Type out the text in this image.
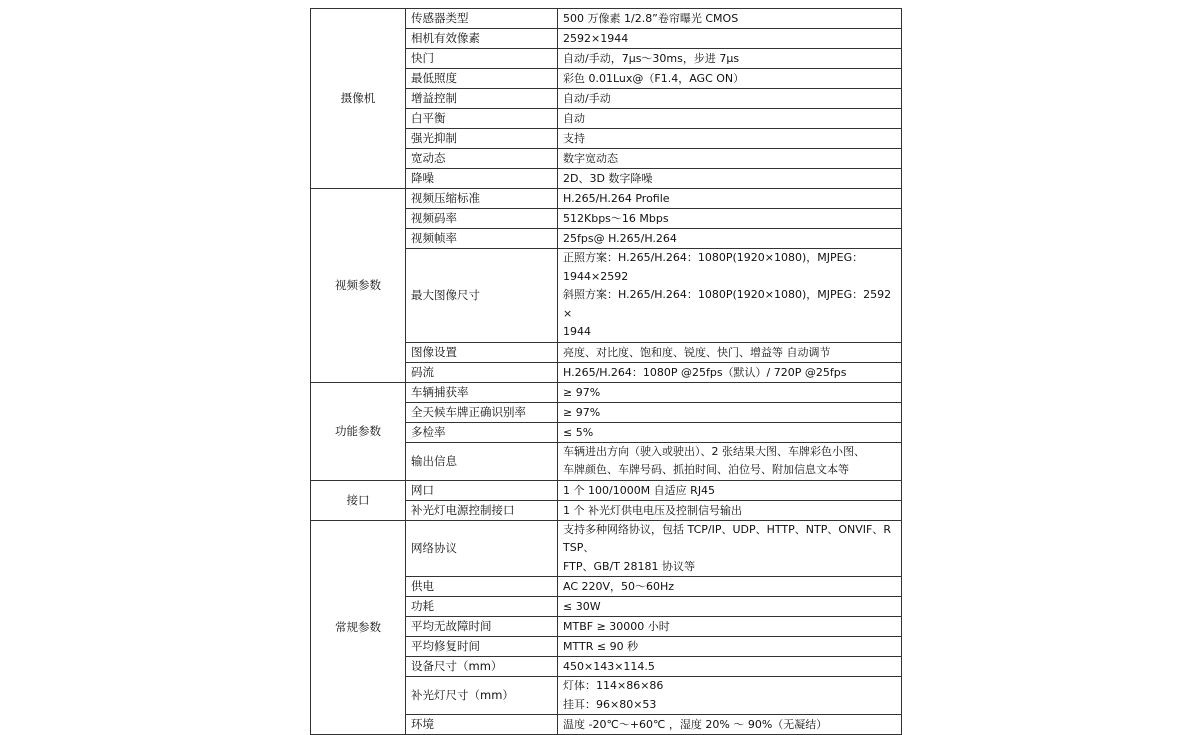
摄像机	传感器类型	500 万像素 1/2.8”卷帘曝光 CMOS

	相机有效像素	2592×1944

	快门	自动/手动，7μs～30ms，步进 7μs

	最低照度	彩色 0.01Lux@（F1.4，AGC ON）

	增益控制	自动/手动

	白平衡	自动

	强光抑制	支持

	宽动态	数字宽动态

	降噪	2D、3D 数字降噪

视频参数	视频压缩标准	H.265/H.264 Profile

	视频码率	512Kbps～16 Mbps

	视频帧率	25fps@ H.265/H.264

	最大图像尺寸	正照方案：H.265/H.264：1080P(1920×1080)，MJPEG：
1944×2592
斜照方案：H.265/H.264：1080P(1920×1080)，MJPEG：2592×
1944

	图像设置	亮度、对比度、饱和度、锐度、快门、增益等 自动调节

	码流	H.265/H.264：1080P @25fps（默认）/ 720P @25fps

功能参数	车辆捕获率	≥ 97%

	全天候车牌正确识别率	≥ 97%

	多检率	≤ 5%

	输出信息	车辆进出方向（驶入或驶出）、2 张结果大图、车牌彩色小图、
车牌颜色、车牌号码、抓拍时间、泊位号、附加信息文本等

接口	网口	1 个 100/1000M 自适应 RJ45

	补光灯电源控制接口	1 个 补光灯供电电压及控制信号输出

常规参数	网络协议	支持多种网络协议，包括 TCP/IP、UDP、HTTP、NTP、ONVIF、RTSP、
FTP、GB/T 28181 协议等

	供电	AC 220V，50～60Hz

	功耗	≤ 30W

	平均无故障时间	MTBF ≥ 30000 小时

	平均修复时间	MTTR ≤ 90 秒

	设备尺寸（mm）	450×143×114.5

	补光灯尺寸（mm）	灯体：114×86×86
挂耳：96×80×53

	环境	温度 -20℃～+60℃ ，湿度 20% ～ 90%（无凝结）
